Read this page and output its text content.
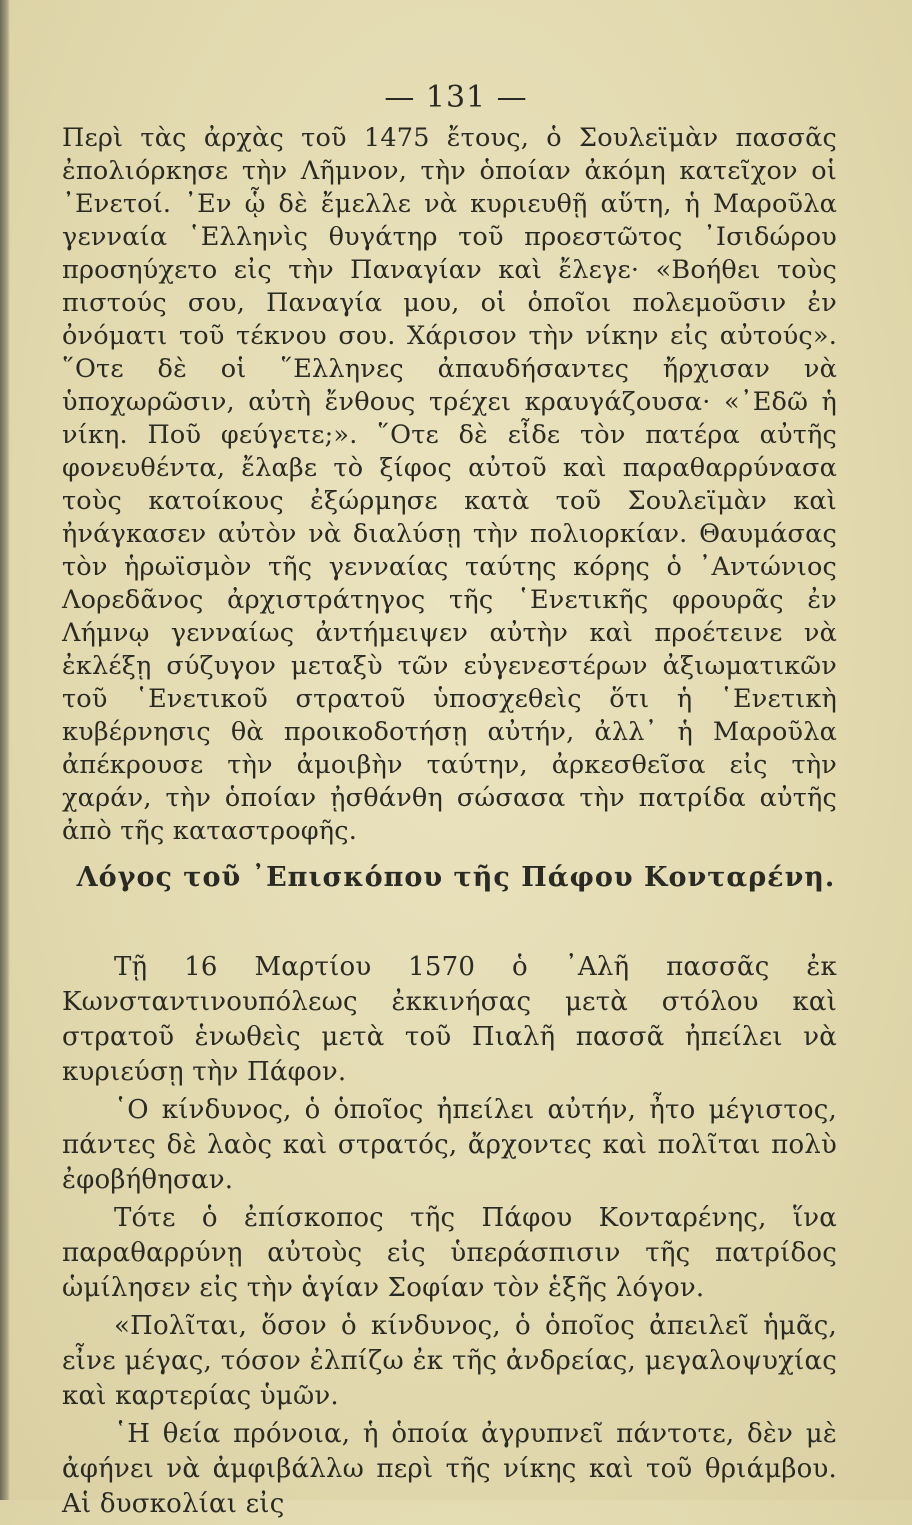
— 131 —

Περὶ τὰς ἀρχὰς τοῦ 1475 ἔτους, ὁ Σουλεϊμὰν πασσᾶς ἐπολιόρκησε τὴν Λῆμνον, τὴν ὁποίαν ἀκόμη κατεῖχον οἱ ᾿Ενετοί. ᾿Εν ᾧ δὲ ἔμελλε νὰ κυριευθῇ αὕτη, ἡ Μαροῦλα γενναία ῾Ελληνὶς θυγάτηρ τοῦ προεστῶτος ᾿Ισιδώρου προσηύχετο εἰς τὴν Παναγίαν καὶ ἔλεγε· «Βοήθει τοὺς πιστούς σου, Παναγία μου, οἱ ὁποῖοι πολεμοῦσιν ἐν ὀνόματι τοῦ τέκνου σου. Χάρισον τὴν νίκην εἰς αὐτούς». ῞Οτε δὲ οἱ ῞Ελληνες ἀπαυδήσαντες ἤρχισαν νὰ ὑποχωρῶσιν, αὐτὴ ἔνθους τρέχει κραυγάζουσα· «᾿Εδῶ ἡ νίκη. Ποῦ φεύγετε;». ῞Οτε δὲ εἶδε τὸν πατέρα αὐτῆς φονευθέντα, ἔλαβε τὸ ξίφος αὐτοῦ καὶ παραθαρρύνασα τοὺς κατοίκους ἐξώρμησε κατὰ τοῦ Σουλεϊμὰν καὶ ἠνάγκασεν αὐτὸν νὰ διαλύσῃ τὴν πολιορκίαν. Θαυμάσας τὸν ἡρωϊσμὸν τῆς γενναίας ταύτης κόρης ὁ ᾿Αντώνιος Λορεδᾶνος ἀρχιστράτηγος τῆς ῾Ενετικῆς φρουρᾶς ἐν Λήμνῳ γενναίως ἀντήμειψεν αὐτὴν καὶ προέτεινε νὰ ἐκλέξῃ σύζυγον μεταξὺ τῶν εὐγενεστέρων ἀξιωματικῶν τοῦ ῾Ενετικοῦ στρατοῦ ὑποσχεθεὶς ὅτι ἡ ῾Ενετικὴ κυβέρνησις θὰ προικοδοτήσῃ αὐτήν, ἀλλ᾿ ἡ Μαροῦλα ἀπέκρουσε τὴν ἀμοιβὴν ταύτην, ἀρκεσθεῖσα εἰς τὴν χαράν, τὴν ὁποίαν ᾐσθάνθη σώσασα τὴν πατρίδα αὐτῆς ἀπὸ τῆς καταστροφῆς.

Λόγος τοῦ ᾿Επισκόπου τῆς Πάφου Κονταρένη.

Τῇ 16 Μαρτίου 1570 ὁ ᾿Αλῆ πασσᾶς ἐκ Κωνσταντινουπόλεως ἐκκινήσας μετὰ στόλου καὶ στρατοῦ ἑνωθεὶς μετὰ τοῦ Πιαλῆ πασσᾶ ἠπείλει νὰ κυριεύσῃ τὴν Πάφον.

῾Ο κίνδυνος, ὁ ὁποῖος ἠπείλει αὐτήν, ἦτο μέγιστος, πάντες δὲ λαὸς καὶ στρατός, ἄρχοντες καὶ πολῖται πολὺ ἐφοβήθησαν.

Τότε ὁ ἐπίσκοπος τῆς Πάφου Κονταρένης, ἵνα παραθαρρύνῃ αὐτοὺς εἰς ὑπεράσπισιν τῆς πατρίδος ὡμίλησεν εἰς τὴν ἁγίαν Σοφίαν τὸν ἑξῆς λόγον.

«Πολῖται, ὅσον ὁ κίνδυνος, ὁ ὁποῖος ἀπειλεῖ ἡμᾶς, εἶνε μέγας, τόσον ἐλπίζω ἐκ τῆς ἀνδρείας, μεγαλοψυχίας καὶ καρτερίας ὑμῶν.

῾Η θεία πρόνοια, ἡ ὁποία ἀγρυπνεῖ πάντοτε, δὲν μὲ ἀφήνει νὰ ἀμφιβάλλω περὶ τῆς νίκης καὶ τοῦ θριάμβου. Αἱ δυσκολίαι εἰς
